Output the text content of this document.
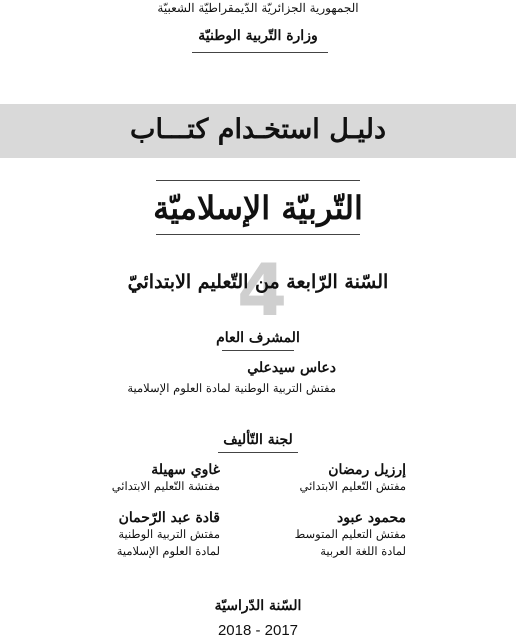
الجمهورية الجزائريّة الدّيمقراطيّة الشعبيّة
وزارة التّربية الوطنيّة
دليـل استخـدام كتـــاب
التّربيّة الإسلاميّة
4
السّنة الرّابعة من التّعليم الابتدائيّ
المشرف العام
دعاس سيدعلي
مفتش التربية الوطنية لمادة العلوم الإسلامية
لجنة التّأليف
إرزيل رمضان
مفتش التّعليم الابتدائي
محمود عبود
مفتش التعليم المتوسط
لمادة اللغة العربية
غاوي سهيلة
مفتشة التّعليم الابتدائي
قادة عبد الرّحمان
مفتش التربية الوطنية
لمادة العلوم الإسلامية
السّنة الدّراسيّة
2018 - 2017
